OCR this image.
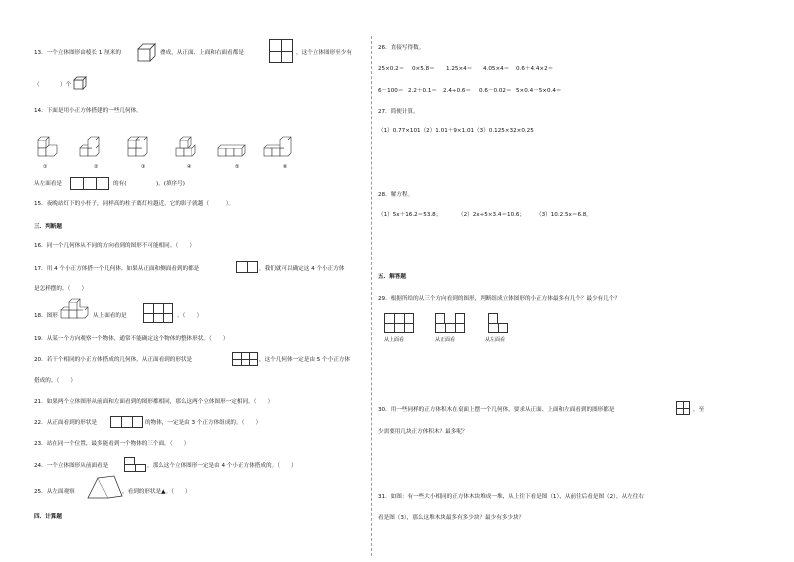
13．一个立体图形由棱长 1 厘米的	叠成，从正面、上面和右面看都是	，这个立体图形至少有
（	）个
14．下面是用小正方体搭建的一些几何体。
①	②	③	④	⑤	⑥
从左面看是	的有(	)。(填序号)
15．夜晚站灯下的小杆子，同样高的柱子离灯柱越近，它的影子就越（　　　）。
三．判断题
16．同一个几何体从不同的方向看到的图形不可能相同。（　　）
17．用 4 个小正方体搭一个几何体，如果从正面和侧面看到的都是	，我们就可以确定这 4 个小正方体
是怎样摆的。（　　）
18．图形	从上面看的是	。（　　）
19．从某一个方向观察一个物体，通常不能确定这个物体的整体形状。（　　）
20．若干个相同的小正方体搭成的几何体，从正面看到的形状是	，这个几何体一定是由 5 个小正方体
搭成的。（　　）
21．如果两个立体图形从前面和左面看到的图形都相同，那么这两个立体图形一定相同。（　　）
22．从正面看到的形状是	的物体，一定是由 3 个正方体组成的。（　　）
23．站在同一个位置，最多能看到一个物体的三个面。（　　）
24．一个立体图形从前面看是	，那么这个立体图形一定是由 4 个小正方体搭成的。（　　）
25．从左面观察	，看到的形状是▲。（　　）
四．计算题
26．直接写得数。
25×0.2＝ 0×5.8＝ 1.25×4＝ 4.05×4＝ 0.6＋4.4×2＝
6－100＝ 2.2＋0.1＝ 2.4÷0.6＝ 0.6－0.02＝ 5×0.4－5×0.4＝
27．简便计算。
（1）0.77×101（2）1.01＋9×1.01（3）0.125×32×0.25
28．解方程。
（1）5x＋16.2＝53.8；	（2）2x÷5×3.4＝10.6； （3）10.2.5x＝6.8。
五．解答题
29．根据所给的从三个方向看到的图形，判断组成立体图形的小正方体最多有几个？最少有几个？
从上面看	从正面看	从左面看
30．用一些同样的正方体积木在桌面上摆一个几何体，要求从正面、上面和左面看到的图形都是	，至
少需要用几块正方体积木？最多呢？
31．如图：有一些大小相同的正方体木块堆成一堆，从上往下看是图（1），从前往后看是图（2），从左往右
看是图（3），那么这堆木块最多有多少块？最少有多少块？
